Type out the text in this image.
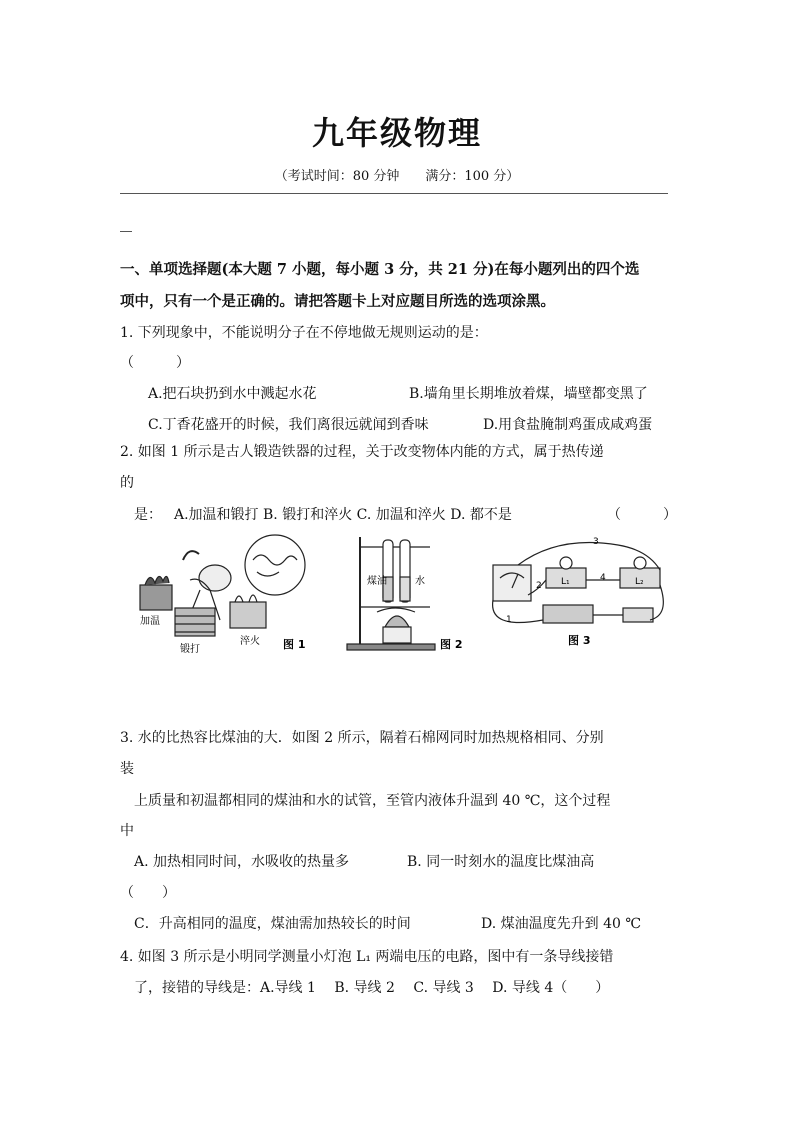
九年级物理
（考试时间：80 分钟　　满分：100 分）
一、单项选择题(本大题 7 小题，每小题 3 分，共 21 分)在每小题列出的四个选
项中，只有一个是正确的。请把答题卡上对应题目所选的选项涂黑。
1. 下列现象中，不能说明分子在不停地做无规则运动的是：
（　　　）
A.把石块扔到水中溅起水花	B.墙角里长期堆放着煤，墙壁都变黑了
C.丁香花盛开的时候，我们离很远就闻到香味	D.用食盐腌制鸡蛋成咸鸡蛋
2. 如图 1 所示是古人锻造铁器的过程，关于改变物体内能的方式，属于热传递
的
是： A.加温和锻打 B. 锻打和淬火 C. 加温和淬火 D. 都不是	（　　　）
加温
锻打
淬火 图 1
煤油	水
图 2
3
4
2
1
L₁	L₂
图 3
3. 水的比热容比煤油的大．如图 2 所示，隔着石棉网同时加热规格相同、分别
装
上质量和初温都相同的煤油和水的试管，至管内液体升温到 40 ℃，这个过程
中
A. 加热相同时间，水吸收的热量多	B. 同一时刻水的温度比煤油高
（　　）
C．升高相同的温度，煤油需加热较长的时间	D. 煤油温度先升到 40 ℃
4. 如图 3 所示是小明同学测量小灯泡 L₁ 两端电压的电路，图中有一条导线接错
了，接错的导线是：A.导线 1　 B. 导线 2　 C. 导线 3　 D. 导线 4（　　）
